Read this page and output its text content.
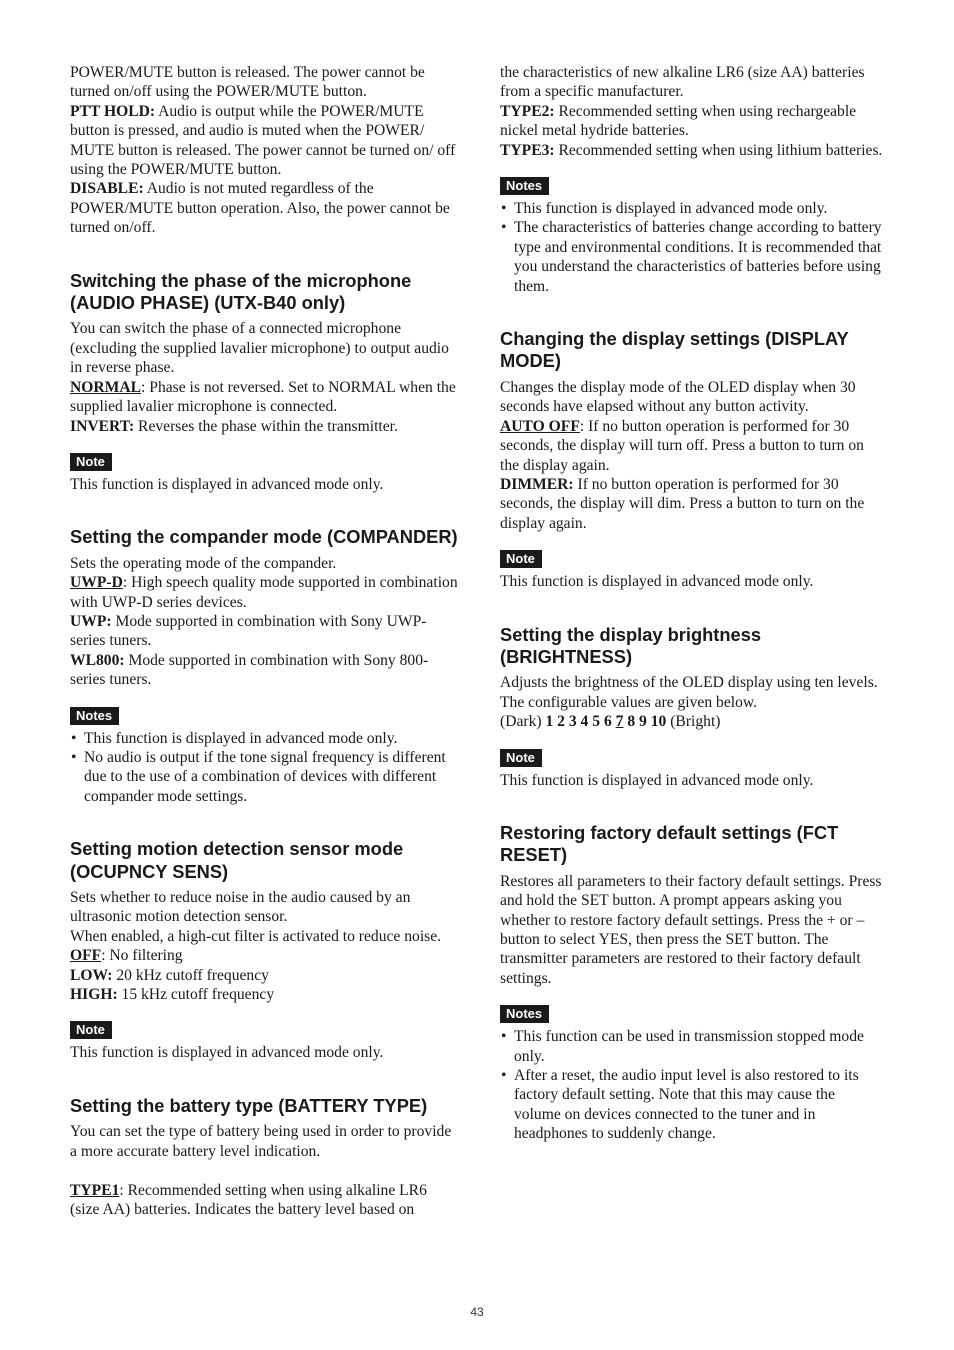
POWER/MUTE button is released. The power cannot be turned on/off using the POWER/MUTE button.

PTT HOLD: Audio is output while the POWER/MUTE button is pressed, and audio is muted when the POWER/ MUTE button is released. The power cannot be turned on/ off using the POWER/MUTE button.

DISABLE: Audio is not muted regardless of the POWER/MUTE button operation. Also, the power cannot be turned on/off.

Switching the phase of the microphone (AUDIO PHASE) (UTX-B40 only)

You can switch the phase of a connected microphone (excluding the supplied lavalier microphone) to output audio in reverse phase.

NORMAL: Phase is not reversed. Set to NORMAL when the supplied lavalier microphone is connected.

INVERT: Reverses the phase within the transmitter.

Note

This function is displayed in advanced mode only.

Setting the compander mode (COMPANDER)

Sets the operating mode of the compander.

UWP-D: High speech quality mode supported in combination with UWP-D series devices.

UWP: Mode supported in combination with Sony UWP-series tuners.

WL800: Mode supported in combination with Sony 800-series tuners.

Notes
• This function is displayed in advanced mode only.
• No audio is output if the tone signal frequency is different due to the use of a combination of devices with different compander mode settings.
Setting motion detection sensor mode (OCUPNCY SENS)

Sets whether to reduce noise in the audio caused by an ultrasonic motion detection sensor.

When enabled, a high-cut filter is activated to reduce noise.

OFF: No filtering

LOW: 20 kHz cutoff frequency

HIGH: 15 kHz cutoff frequency

Note

This function is displayed in advanced mode only.

Setting the battery type (BATTERY TYPE)

You can set the type of battery being used in order to provide a more accurate battery level indication.

TYPE1: Recommended setting when using alkaline LR6 (size AA) batteries. Indicates the battery level based on

the characteristics of new alkaline LR6 (size AA) batteries from a specific manufacturer.

TYPE2: Recommended setting when using rechargeable nickel metal hydride batteries.

TYPE3: Recommended setting when using lithium batteries.

Notes
• This function is displayed in advanced mode only.
• The characteristics of batteries change according to battery type and environmental conditions. It is recommended that you understand the characteristics of batteries before using them.
Changing the display settings (DISPLAY MODE)

Changes the display mode of the OLED display when 30 seconds have elapsed without any button activity.

AUTO OFF: If no button operation is performed for 30 seconds, the display will turn off. Press a button to turn on the display again.

DIMMER: If no button operation is performed for 30 seconds, the display will dim. Press a button to turn on the display again.

Note

This function is displayed in advanced mode only.

Setting the display brightness (BRIGHTNESS)

Adjusts the brightness of the OLED display using ten levels.

The configurable values are given below.

(Dark) 1 2 3 4 5 6 7 8 9 10 (Bright)

Note

This function is displayed in advanced mode only.

Restoring factory default settings (FCT RESET)

Restores all parameters to their factory default settings. Press and hold the SET button. A prompt appears asking you whether to restore factory default settings. Press the + or – button to select YES, then press the SET button. The transmitter parameters are restored to their factory default settings.

Notes
• This function can be used in transmission stopped mode only.
• After a reset, the audio input level is also restored to its factory default setting. Note that this may cause the volume on devices connected to the tuner and in headphones to suddenly change.
43
